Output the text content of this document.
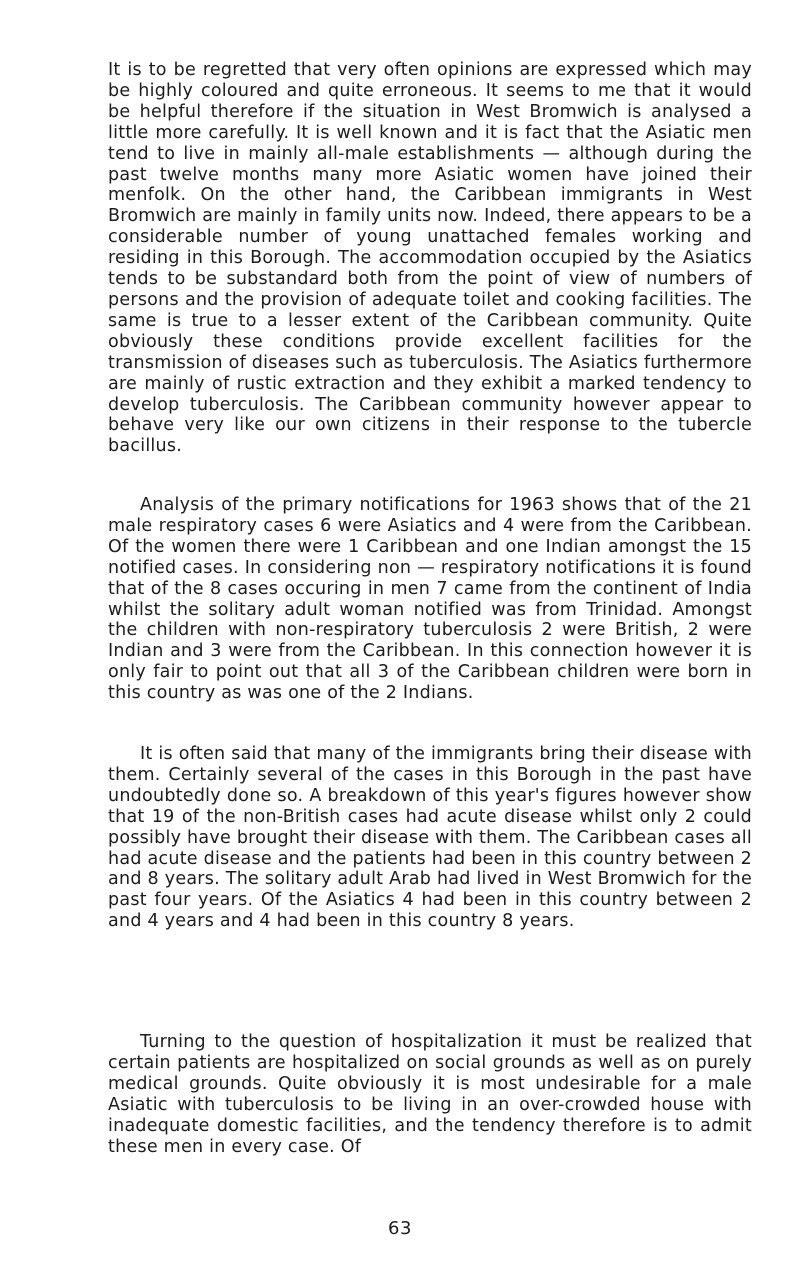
It is to be regretted that very often opinions are expressed which may be highly coloured and quite erroneous. It seems to me that it would be helpful therefore if the situation in West Bromwich is analysed a little more carefully. It is well known and it is fact that the Asiatic men tend to live in mainly all-male establishments — although during the past twelve months many more Asiatic women have joined their menfolk. On the other hand, the Caribbean immigrants in West Bromwich are mainly in family units now. Indeed, there appears to be a considerable number of young unattached females working and residing in this Borough. The accommodation occupied by the Asiatics tends to be substandard both from the point of view of numbers of persons and the provision of adequate toilet and cooking facilities. The same is true to a lesser extent of the Caribbean community. Quite obviously these conditions provide excellent facilities for the transmission of diseases such as tuberculosis. The Asiatics furthermore are mainly of rustic extraction and they exhibit a marked tendency to develop tuberculosis. The Caribbean community however appear to behave very like our own citizens in their response to the tubercle bacillus.

Analysis of the primary notifications for 1963 shows that of the 21 male respiratory cases 6 were Asiatics and 4 were from the Caribbean. Of the women there were 1 Caribbean and one Indian amongst the 15 notified cases. In considering non — respiratory notifications it is found that of the 8 cases occuring in men 7 came from the continent of India whilst the solitary adult woman notified was from Trinidad. Amongst the children with non-respiratory tuberculosis 2 were British, 2 were Indian and 3 were from the Caribbean. In this connection however it is only fair to point out that all 3 of the Caribbean children were born in this country as was one of the 2 Indians.

It is often said that many of the immigrants bring their disease with them. Certainly several of the cases in this Borough in the past have undoubtedly done so. A breakdown of this year's figures however show that 19 of the non-British cases had acute disease whilst only 2 could possibly have brought their disease with them. The Caribbean cases all had acute disease and the patients had been in this country between 2 and 8 years. The solitary adult Arab had lived in West Bromwich for the past four years. Of the Asiatics 4 had been in this country between 2 and 4 years and 4 had been in this country 8 years.

Turning to the question of hospitalization it must be realized that certain patients are hospitalized on social grounds as well as on purely medical grounds. Quite obviously it is most undesirable for a male Asiatic with tuberculosis to be living in an over-crowded house with inadequate domestic facilities, and the tendency therefore is to admit these men in every case. Of

63
